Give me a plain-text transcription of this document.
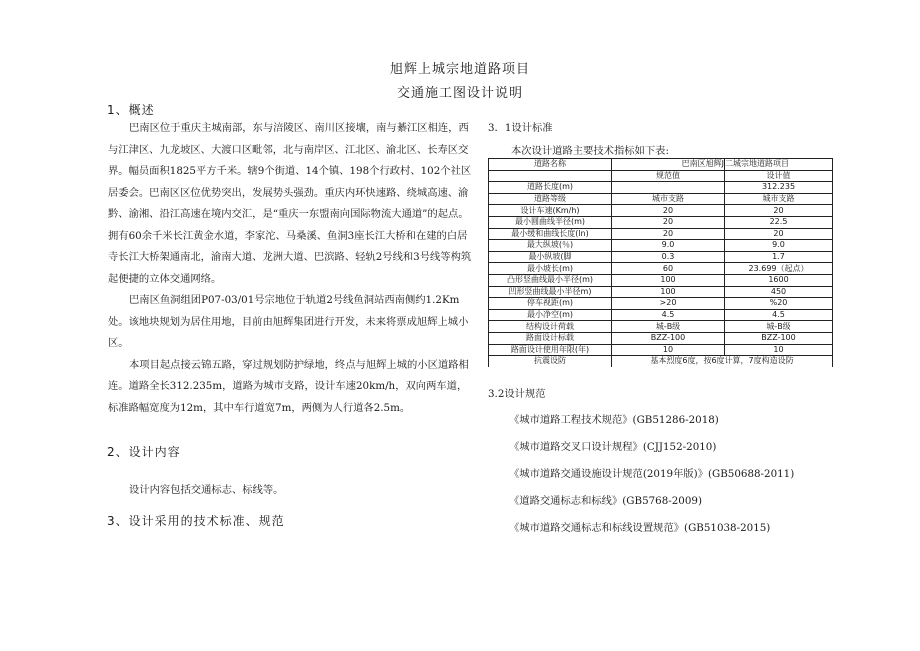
旭辉上城宗地道路项目
交通施工图设计说明
1、概述

巴南区位于重庆主城南部，东与涪陵区、南川区接壤，南与綦江区相连，西与江津区、九龙坡区、大渡口区毗邻，北与南岸区、江北区、渝北区、长寿区交界。幅员面积1825平方千米。辖9个街道、14个镇、198个行政村、102个社区居委会。巴南区区位优势突出，发展势头强劲。重庆内环快速路、绕城高速、渝黔、渝湘、沿江高速在境内交汇，是“重庆一东盟南向国际物流大通道”的起点。拥有60余千米长江黄金水道，李家沱、马桑溪、鱼洞3座长江大桥和在建的白居寺长江大桥架通南北，渝南大道、龙洲大道、巴滨路、轻轨2号线和3号线等构筑起便捷的立体交通网络。

巴南区鱼洞组团P07-03/01号宗地位于轨道2号线鱼洞站西南侧约1.2Km处。该地块规划为居住用地，目前由旭辉集团进行开发，未来将票成旭辉上城小区。

本项目起点接云锦五路，穿过规划防护绿地，终点与旭辉上城的小区道路相连。道路全长312.235m，道路为城市支路，设计车速20km/h，双向两车道，标准路幅宽度为12m，其中车行道宽7m，两侧为人行道各2.5m。

2、设计内容
设计内容包括交通标志、标线等。
3、设计采用的技术标准、规范
3．1设计标准
本次设计道路主要技术指标如下表:
道路名称	巴南区旭辉J	二城宗地道路项目
	规范值	设计值
道路长度(m)		312.235
道路等级	城市支路	城市支路
设计车速(Km/h)	20	20
最小圆曲线半径(m)	20	22.5
最小缓和曲线长度(ln)	20	20
最大纵坡(％)	9.0	9.0
最小纵坡(脚	0.3	1.7
最小坡长(m)	60	23.699（起点）
凸形竖曲线最小半径(m)	100	1600
凹形竖曲线最小半径m)	100	450
停车视距(m)	>20	%20
最小净空(m)	4.5	4.5
结构设计荷载	城-B级	城-B级
路面设计标载	BZZ-100	BZZ-100
路面设计使用年限(年)	10	10
抗震设防	基本烈度6度，按6度计算，7度构造设防	
3.2设计规范
《城市道路工程技术规范》(GB51286-2018)
《城市道路交叉口设计规程》(CJJ152-2010)
《城市道路交通设施设计规范(2019年版)》(GB50688-2011)
《道路交通标志和标线》(GB5768-2009)
《城市道路交通标志和标线设置规范》(GB51038-2015)
